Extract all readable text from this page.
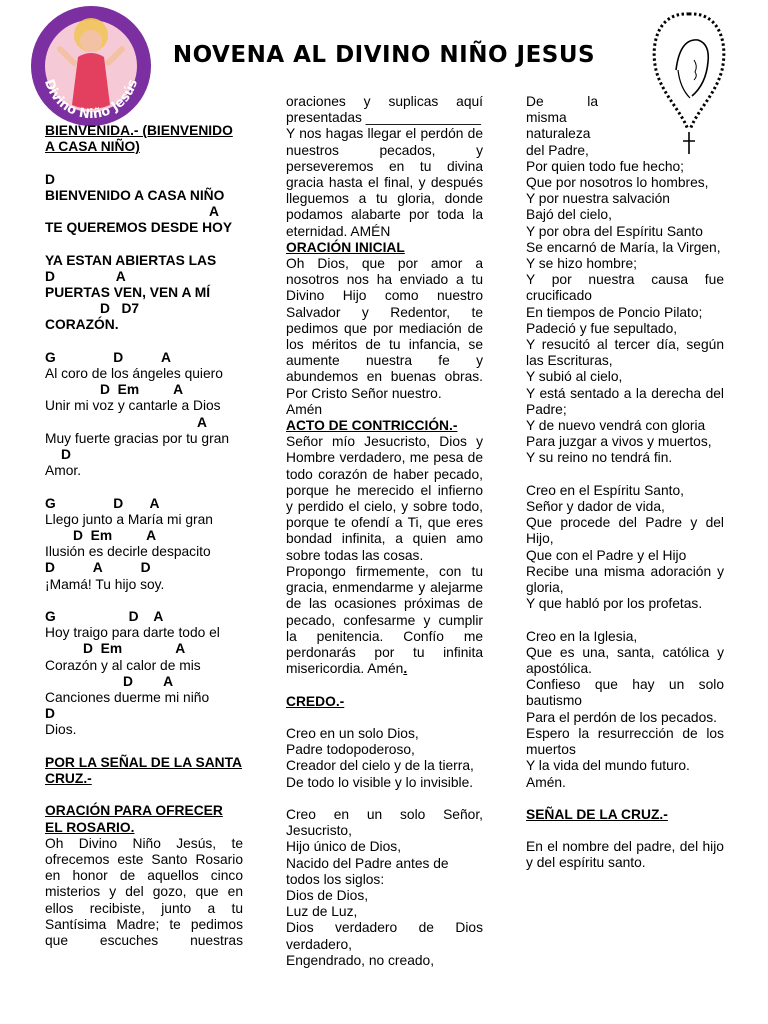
Divino Niño Jesús
NOVENA AL DIVINO NIÑO JESUS

BIENVENIDA.- (BIENVENIDO A CASA NIÑO)

D

BIENVENIDO A CASA NIÑO

A

TE QUEREMOS DESDE HOY

YA ESTAN ABIERTAS LAS

D                A

PUERTAS VEN, VEN A MÍ

D   D7

CORAZÓN.

G               D          A

Al coro de los ángeles quiero

D  Em         A

Unir mi voz y cantarle a Dios

A

Muy fuerte gracias por tu gran

D

Amor.

G               D       A

Llego junto a María mi gran

D  Em         A

Ilusión es decirle despacito

D          A          D

¡Mamá! Tu hijo soy.

G                   D    A

Hoy traigo para darte todo el

D  Em              A

Corazón y al calor de mis

D        A

Canciones duerme mi niño

D

Dios.

POR LA SEÑAL DE LA SANTA CRUZ.-

ORACIÓN PARA OFRECER EL ROSARIO.

Oh Divino Niño Jesús, te ofrecemos este Santo Rosario en honor de aquellos cinco misterios y del gozo, que en ellos recibiste, junto a tu Santísima Madre; te pedimos que escuches nuestras

oraciones y suplicas aquí presentadas _______________

Y nos hagas llegar el perdón de nuestros pecados, y perseveremos en tu divina gracia hasta el final, y después lleguemos a tu gloria, donde podamos alabarte por toda la eternidad. AMÉN

ORACIÓN INICIAL

Oh Dios, que por amor a nosotros nos ha enviado a tu Divino Hijo como nuestro Salvador y Redentor, te pedimos que por mediación de los méritos de tu infancia, se aumente nuestra fe y abundemos en buenas obras. Por Cristo Señor nuestro.

Amén

ACTO DE CONTRICCIÓN.-

Señor mío Jesucristo, Dios y Hombre verdadero, me pesa de todo corazón de haber pecado, porque he merecido el infierno y perdido el cielo, y sobre todo, porque te ofendí a Ti, que eres bondad infinita, a quien amo sobre todas las cosas.

Propongo firmemente, con tu gracia, enmendarme y alejarme de las ocasiones próximas de pecado, confesarme y cumplir la penitencia. Confío me perdonarás por tu infinita misericordia. Amén.

CREDO.-

Creo en un solo Dios,

Padre todopoderoso,

Creador del cielo y de la tierra,

De todo lo visible y lo invisible.

Creo en un solo Señor,

Jesucristo,

Hijo único de Dios,

Nacido del Padre antes de todos los siglos:

Dios de Dios,

Luz de Luz,

Dios verdadero de Dios

verdadero,

Engendrado, no creado,

De la

misma

naturaleza

del Padre,

Por quien todo fue hecho;

Que por nosotros lo hombres,

Y por nuestra salvación

Bajó del cielo,

Y por obra del Espíritu Santo

Se encarnó de María, la Virgen,

Y se hizo hombre;

Y por nuestra causa fue crucificado

En tiempos de Poncio Pilato;

Padeció y fue sepultado,

Y resucitó al tercer día, según las Escrituras,

Y subió al cielo,

Y está sentado a la derecha del Padre;

Y de nuevo vendrá con gloria

Para juzgar a vivos y muertos,

Y su reino no tendrá fin.

Creo en el Espíritu Santo,

Señor y dador de vida,

Que procede del Padre y del Hijo,

Que con el Padre y el Hijo

Recibe una misma adoración y gloria,

Y que habló por los profetas.

Creo en la Iglesia,

Que es una, santa, católica y apostólica.

Confieso que hay un solo bautismo

Para el perdón de los pecados.

Espero la resurrección de los muertos

Y la vida del mundo futuro.

Amén.

SEÑAL DE LA CRUZ.-

En el nombre del padre, del hijo y del espíritu santo.
